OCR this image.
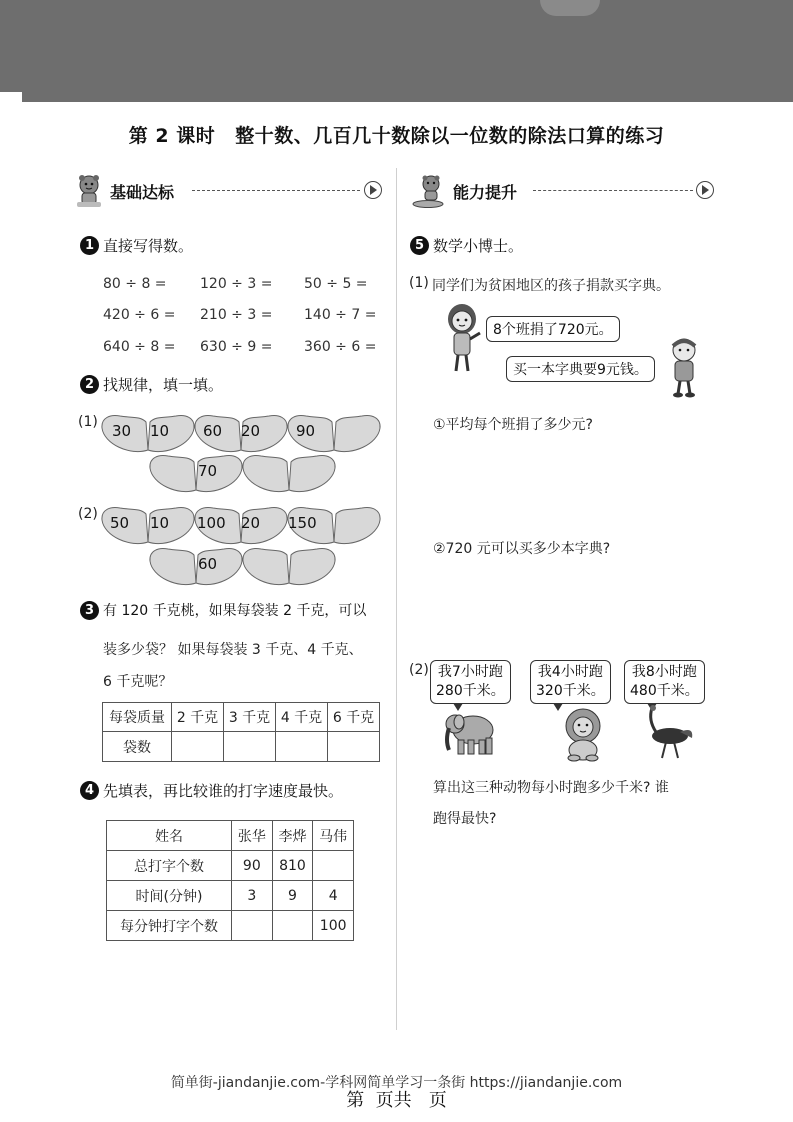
第 2 课时 整十数、几百几十数除以一位数的除法口算的练习
基础达标	能力提升
1 直接写得数。
80 ÷ 8 = 120 ÷ 3 = 50 ÷ 5 =
420 ÷ 6 = 210 ÷ 3 = 140 ÷ 7 =
640 ÷ 8 = 630 ÷ 9 = 360 ÷ 6 =
2 找规律，填一填。
(1) 30 10 60 20 90
70
(2) 50 10 100 20 150
60
3 有 120 千克桃，如果每袋装 2 千克，可以
装多少袋？ 如果每袋装 3 千克、4 千克、
6 千克呢？
每袋质量	2 千克	3 千克	4 千克	6 千克
袋数				
4 先填表，再比较谁的打字速度最快。
姓名	张华	李烨	马伟
总打字个数	90	810	
时间(分钟)	3	9	4
每分钟打字个数			100
5 数学小博士。
(1) 同学们为贫困地区的孩子捐款买字典。
8个班捐了720元。
买一本字典要9元钱。
①平均每个班捐了多少元?
②720 元可以买多少本字典?
(2) 我7小时跑
280千米。
我4小时跑
320千米。
我8小时跑
480千米。
算出这三种动物每小时跑多少千米? 谁
跑得最快?
简单街-jiandanjie.com-学科网简单学习一条街 https://jiandanjie.com
第  页共   页
